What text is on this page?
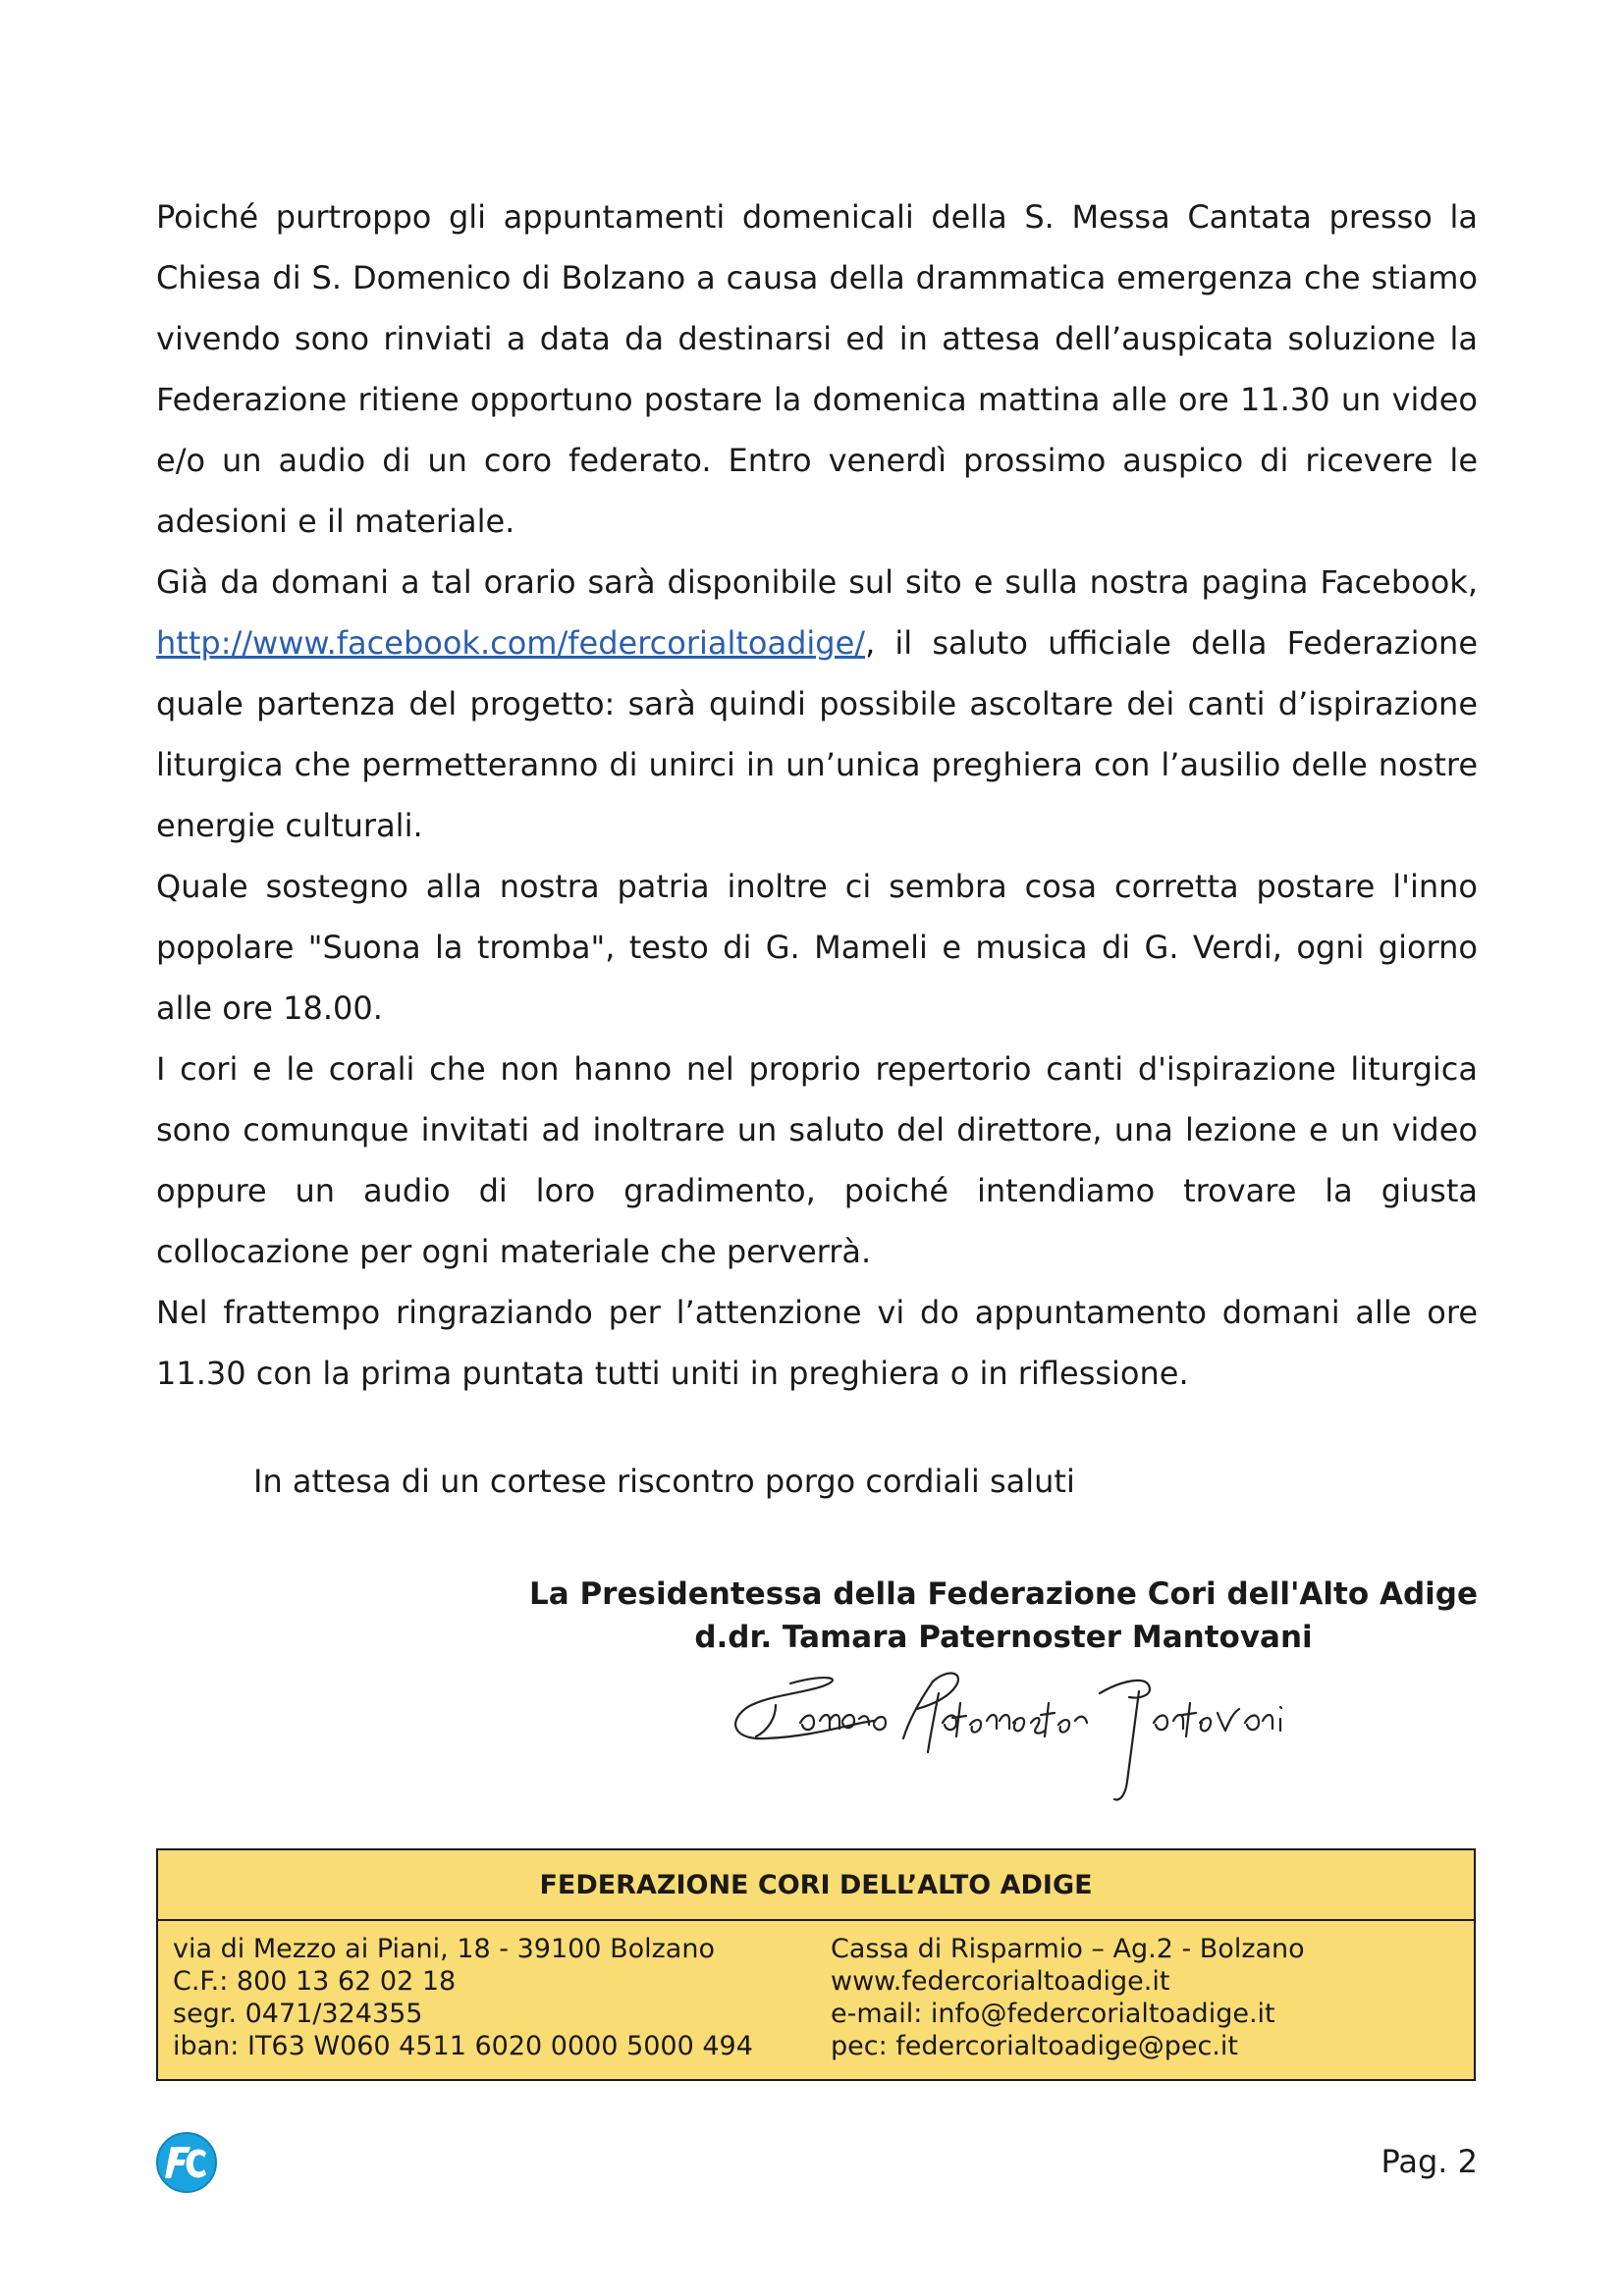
Poiché purtroppo gli appuntamenti domenicali della S. Messa Cantata presso la Chiesa di S. Domenico di Bolzano a causa della drammatica emergenza che stiamo vivendo sono rinviati a data da destinarsi ed in attesa dell’auspicata soluzione la Federazione ritiene opportuno postare la domenica mattina alle ore 11.30 un video e/o un audio di un coro federato. Entro venerdì prossimo auspico di ricevere le adesioni e il materiale.

Già da domani a tal orario sarà disponibile sul sito e sulla nostra pagina Facebook, http://www.facebook.com/federcorialtoadige/, il saluto ufficiale della Federazione quale partenza del progetto: sarà quindi possibile ascoltare dei canti d’ispirazione liturgica che permetteranno di unirci in un’unica preghiera con l’ausilio delle nostre energie culturali.

Quale sostegno alla nostra patria inoltre ci sembra cosa corretta postare l'inno popolare "Suona la tromba", testo di G. Mameli e musica di G. Verdi, ogni giorno alle ore 18.00.

I cori e le corali che non hanno nel proprio repertorio canti d'ispirazione liturgica sono comunque invitati ad inoltrare un saluto del direttore, una lezione e un video oppure un audio di loro gradimento, poiché intendiamo trovare la giusta collocazione per ogni materiale che perverrà.

Nel frattempo ringraziando per l’attenzione vi do appuntamento domani alle ore 11.30 con la prima puntata tutti uniti in preghiera o in riflessione.

In attesa di un cortese riscontro porgo cordiali saluti

La Presidentessa della Federazione Cori dell'Alto Adige
d.dr. Tamara Paternoster Mantovani
FEDERAZIONE CORI DELL’ALTO ADIGE
via di Mezzo ai Piani, 18 - 39100 Bolzano
C.F.: 800 13 62 02 18
segr. 0471/324355
iban: IT63 W060 4511 6020 0000 5000 494
Cassa di Risparmio – Ag.2 - Bolzano
www.federcorialtoadige.it
e-mail: info@federcorialtoadige.it
pec: federcorialtoadige@pec.it
Pag. 2
